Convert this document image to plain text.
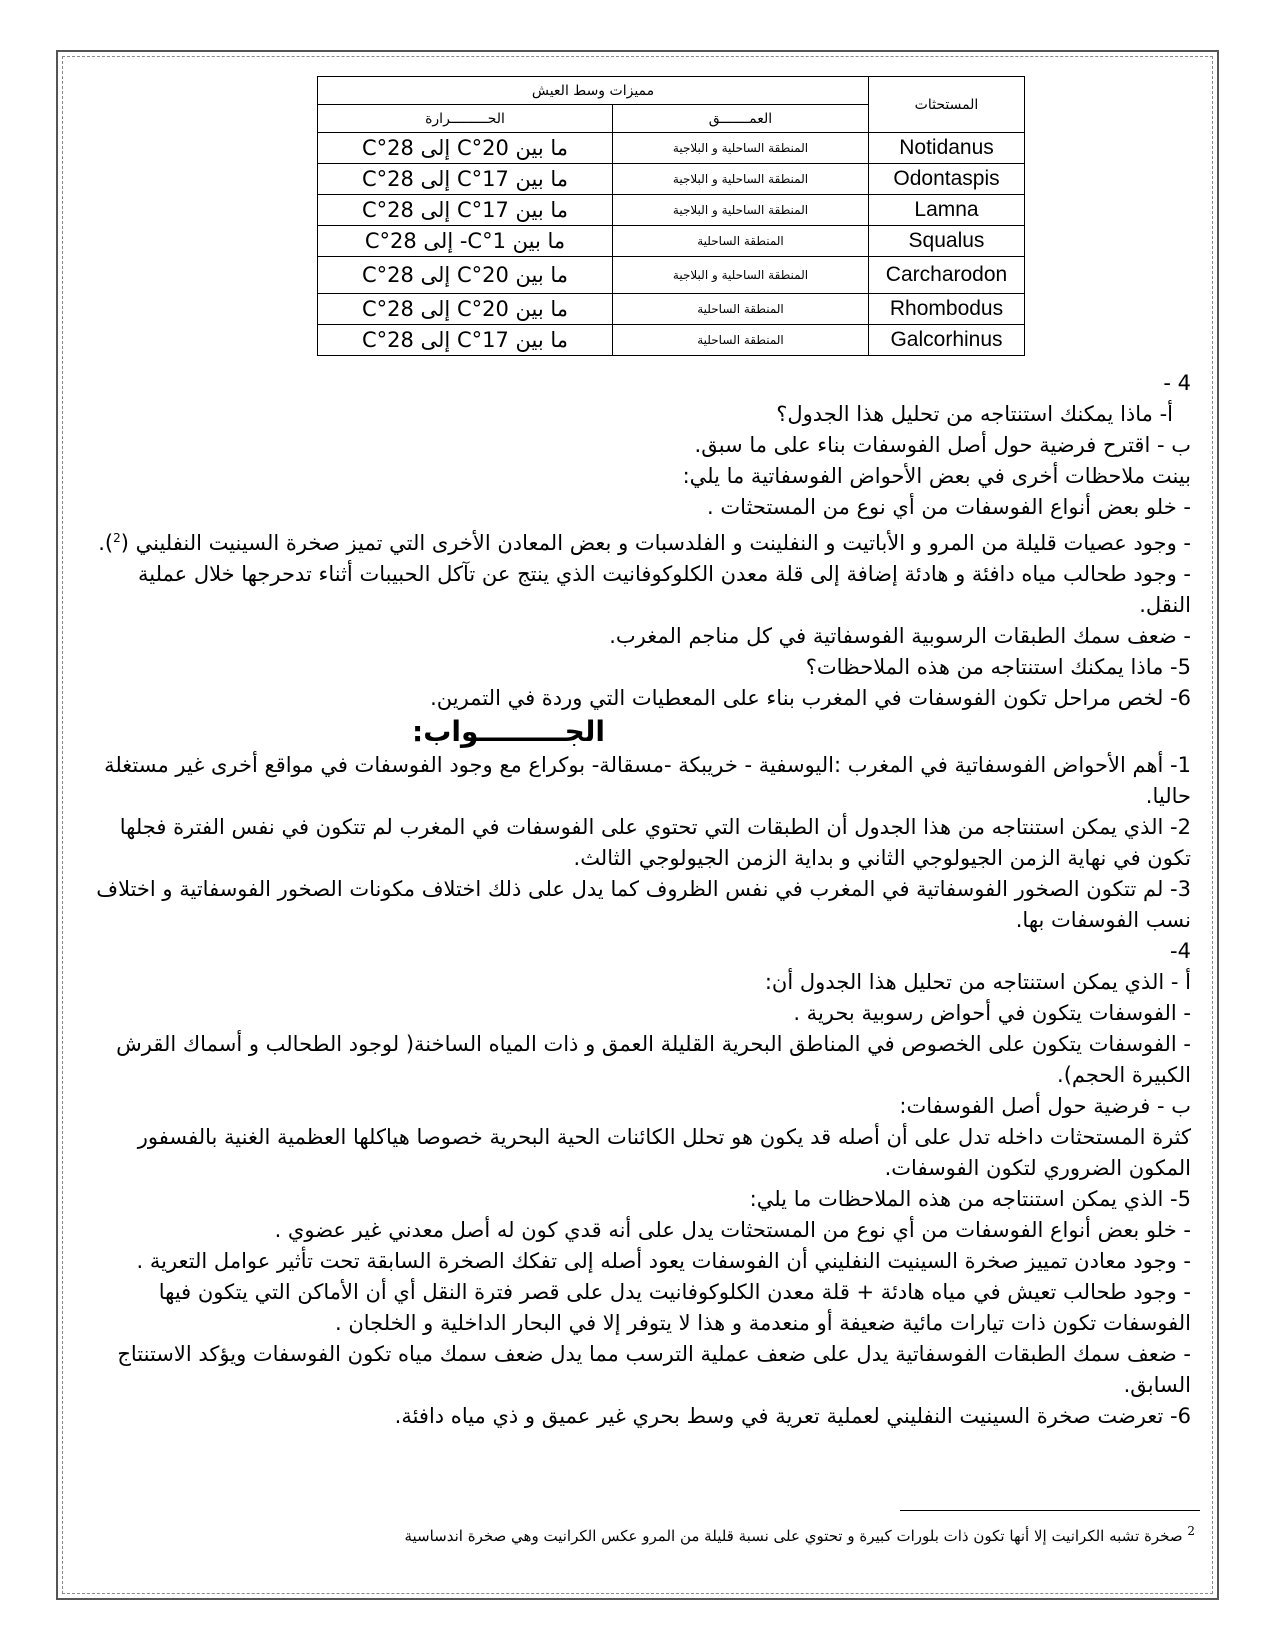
المستحثات	مميزات وسط العيش	
	العمـــــــق	الحـــــــــرارة
Notidanus	المنطقة الساحلية و البلاجية	ما بين 20°C إلى 28°C
Odontaspis	المنطقة الساحلية و البلاجية	ما بين 17°C إلى 28°C
Lamna	المنطقة الساحلية و البلاجية	ما بين 17°C إلى 28°C
Squalus	المنطقة الساحلية	ما بين 1°C- إلى 28°C
Carcharodon	المنطقة الساحلية و البلاجية	ما بين 20°C إلى 28°C
Rhombodus	المنطقة الساحلية	ما بين 20°C إلى 28°C
Galcorhinus	المنطقة الساحلية	ما بين 17°C إلى 28°C

4 -

أ- ماذا يمكنك استنتاجه من تحليل هذا الجدول؟

ب - اقترح فرضية حول أصل الفوسفات بناء على ما سبق.

بينت ملاحظات أخرى في بعض الأحواض الفوسفاتية ما يلي:

- خلو بعض أنواع الفوسفات من أي نوع من المستحثات .

- وجود عصيات قليلة من المرو و الأباتيت و النفلينت و الفلدسبات و بعض المعادن الأخرى التي تميز صخرة السينيت النفليني ($^2$).

- وجود طحالب مياه دافئة و هادئة إضافة إلى قلة معدن الكلوكوفانيت الذي ينتج عن تآكل الحبيبات أثناء تدحرجها خلال عملية النقل.

- ضعف سمك الطبقات الرسوبية الفوسفاتية في كل مناجم المغرب.

5- ماذا يمكنك استنتاجه من هذه الملاحظات؟

6- لخص مراحل تكون الفوسفات في المغرب بناء على المعطيات التي وردة في التمرين.

الجـــــــــواب:

1- أهم الأحواض الفوسفاتية في المغرب :اليوسفية - خريبكة -مسقالة- بوكراع مع وجود الفوسفات في مواقع أخرى غير مستغلة حاليا.

2- الذي يمكن استنتاجه من هذا الجدول أن الطبقات التي تحتوي على الفوسفات في المغرب لم تتكون في نفس الفترة فجلها تكون في نهاية الزمن الجيولوجي الثاني و بداية الزمن الجيولوجي الثالث.

3- لم تتكون الصخور الفوسفاتية في المغرب في نفس الظروف كما يدل على ذلك اختلاف مكونات الصخور الفوسفاتية و اختلاف نسب الفوسفات بها.

4-

أ - الذي يمكن استنتاجه من تحليل هذا الجدول أن:

- الفوسفات يتكون في أحواض رسوبية بحرية .

- الفوسفات يتكون على الخصوص في المناطق البحرية القليلة العمق و ذات المياه الساخنة( لوجود الطحالب و أسماك القرش الكبيرة الحجم).

ب - فرضية حول أصل الفوسفات:

كثرة المستحثات داخله تدل على أن أصله قد يكون هو تحلل الكائنات الحية البحرية خصوصا هياكلها العظمية الغنية بالفسفور المكون الضروري لتكون الفوسفات.

5- الذي يمكن استنتاجه من هذه الملاحظات ما يلي:

- خلو بعض أنواع الفوسفات من أي نوع من المستحثات يدل على أنه قدي كون له أصل معدني غير عضوي .

- وجود معادن تمييز صخرة السينيت النفليني أن الفوسفات يعود أصله إلى تفكك الصخرة السابقة تحت تأثير عوامل التعرية .

- وجود طحالب تعيش في مياه هادئة + قلة معدن الكلوكوفانيت يدل على قصر فترة النقل أي أن الأماكن التي يتكون فيها الفوسفات تكون ذات تيارات مائية ضعيفة أو منعدمة و هذا لا يتوفر إلا في البحار الداخلية و الخلجان .

- ضعف سمك الطبقات الفوسفاتية يدل على ضعف عملية الترسب مما يدل ضعف سمك مياه تكون الفوسفات ويؤكد الاستنتاج السابق.

6- تعرضت صخرة السينيت النفليني لعملية تعرية في وسط بحري غير عميق و ذي مياه دافئة.

$^2$ صخرة تشبه الكرانيت إلا أنها تكون ذات بلورات كبيرة و تحتوي على نسبة قليلة من المرو عكس الكرانيت وهي صخرة اندساسية
